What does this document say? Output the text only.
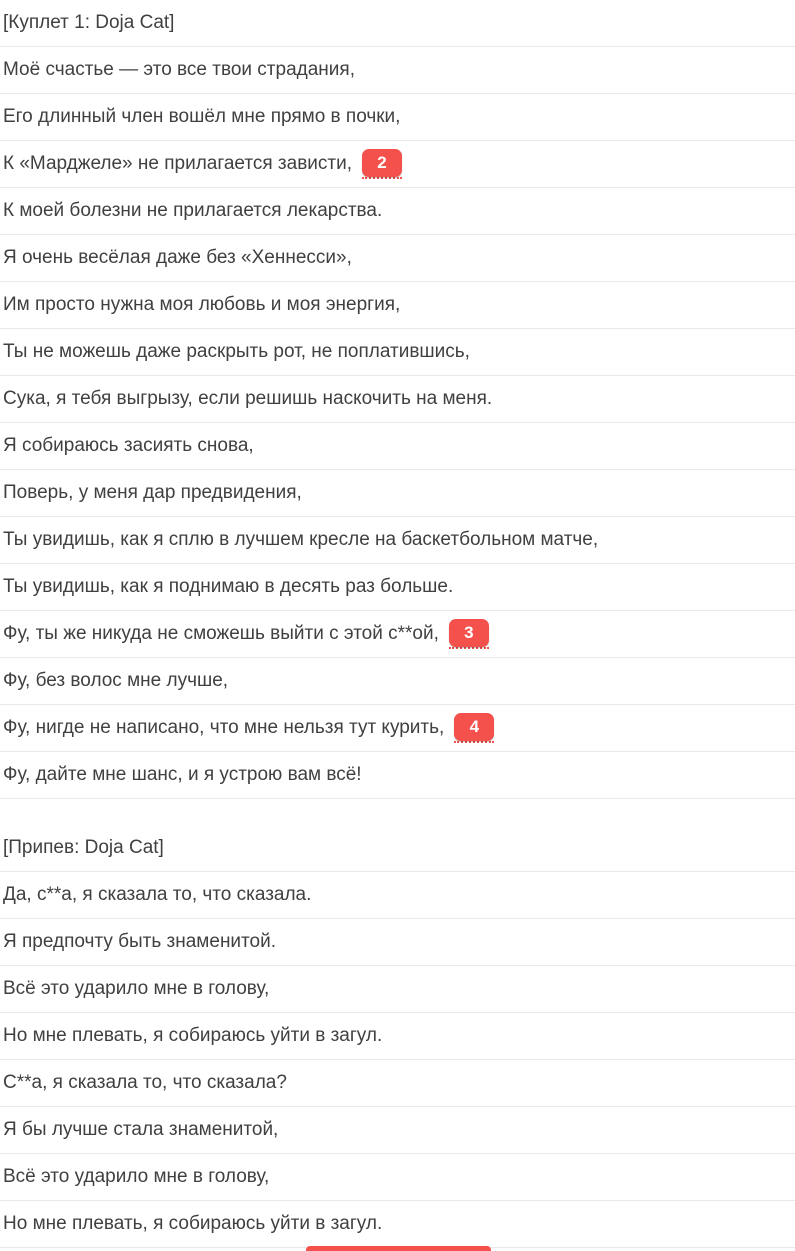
[Куплет 1: Doja Cat]
Моё счастье — это все твои страдания,
Его длинный член вошёл мне прямо в почки,
К «Марджеле» не прилагается зависти,	2
К моей болезни не прилагается лекарства.
Я очень весёлая даже без «Хеннесси»,
Им просто нужна моя любовь и моя энергия,
Ты не можешь даже раскрыть рот, не поплатившись,
Сука, я тебя выгрызу, если решишь наскочить на меня.
Я собираюсь засиять снова,
Поверь, у меня дар предвидения,
Ты увидишь, как я сплю в лучшем кресле на баскетбольном матче,
Ты увидишь, как я поднимаю в десять раз больше.
Фу, ты же никуда не сможешь выйти с этой с**ой,	3
Фу, без волос мне лучше,
Фу, нигде не написано, что мне нельзя тут курить,	4
Фу, дайте мне шанс, и я устрою вам всё!
[Припев: Doja Cat]
Да, с**а, я сказала то, что сказала.
Я предпочту быть знаменитой.
Всё это ударило мне в голову,
Но мне плевать, я собираюсь уйти в загул.
С**а, я сказала то, что сказала?
Я бы лучше стала знаменитой,
Всё это ударило мне в голову,
Но мне плевать, я собираюсь уйти в загул.
